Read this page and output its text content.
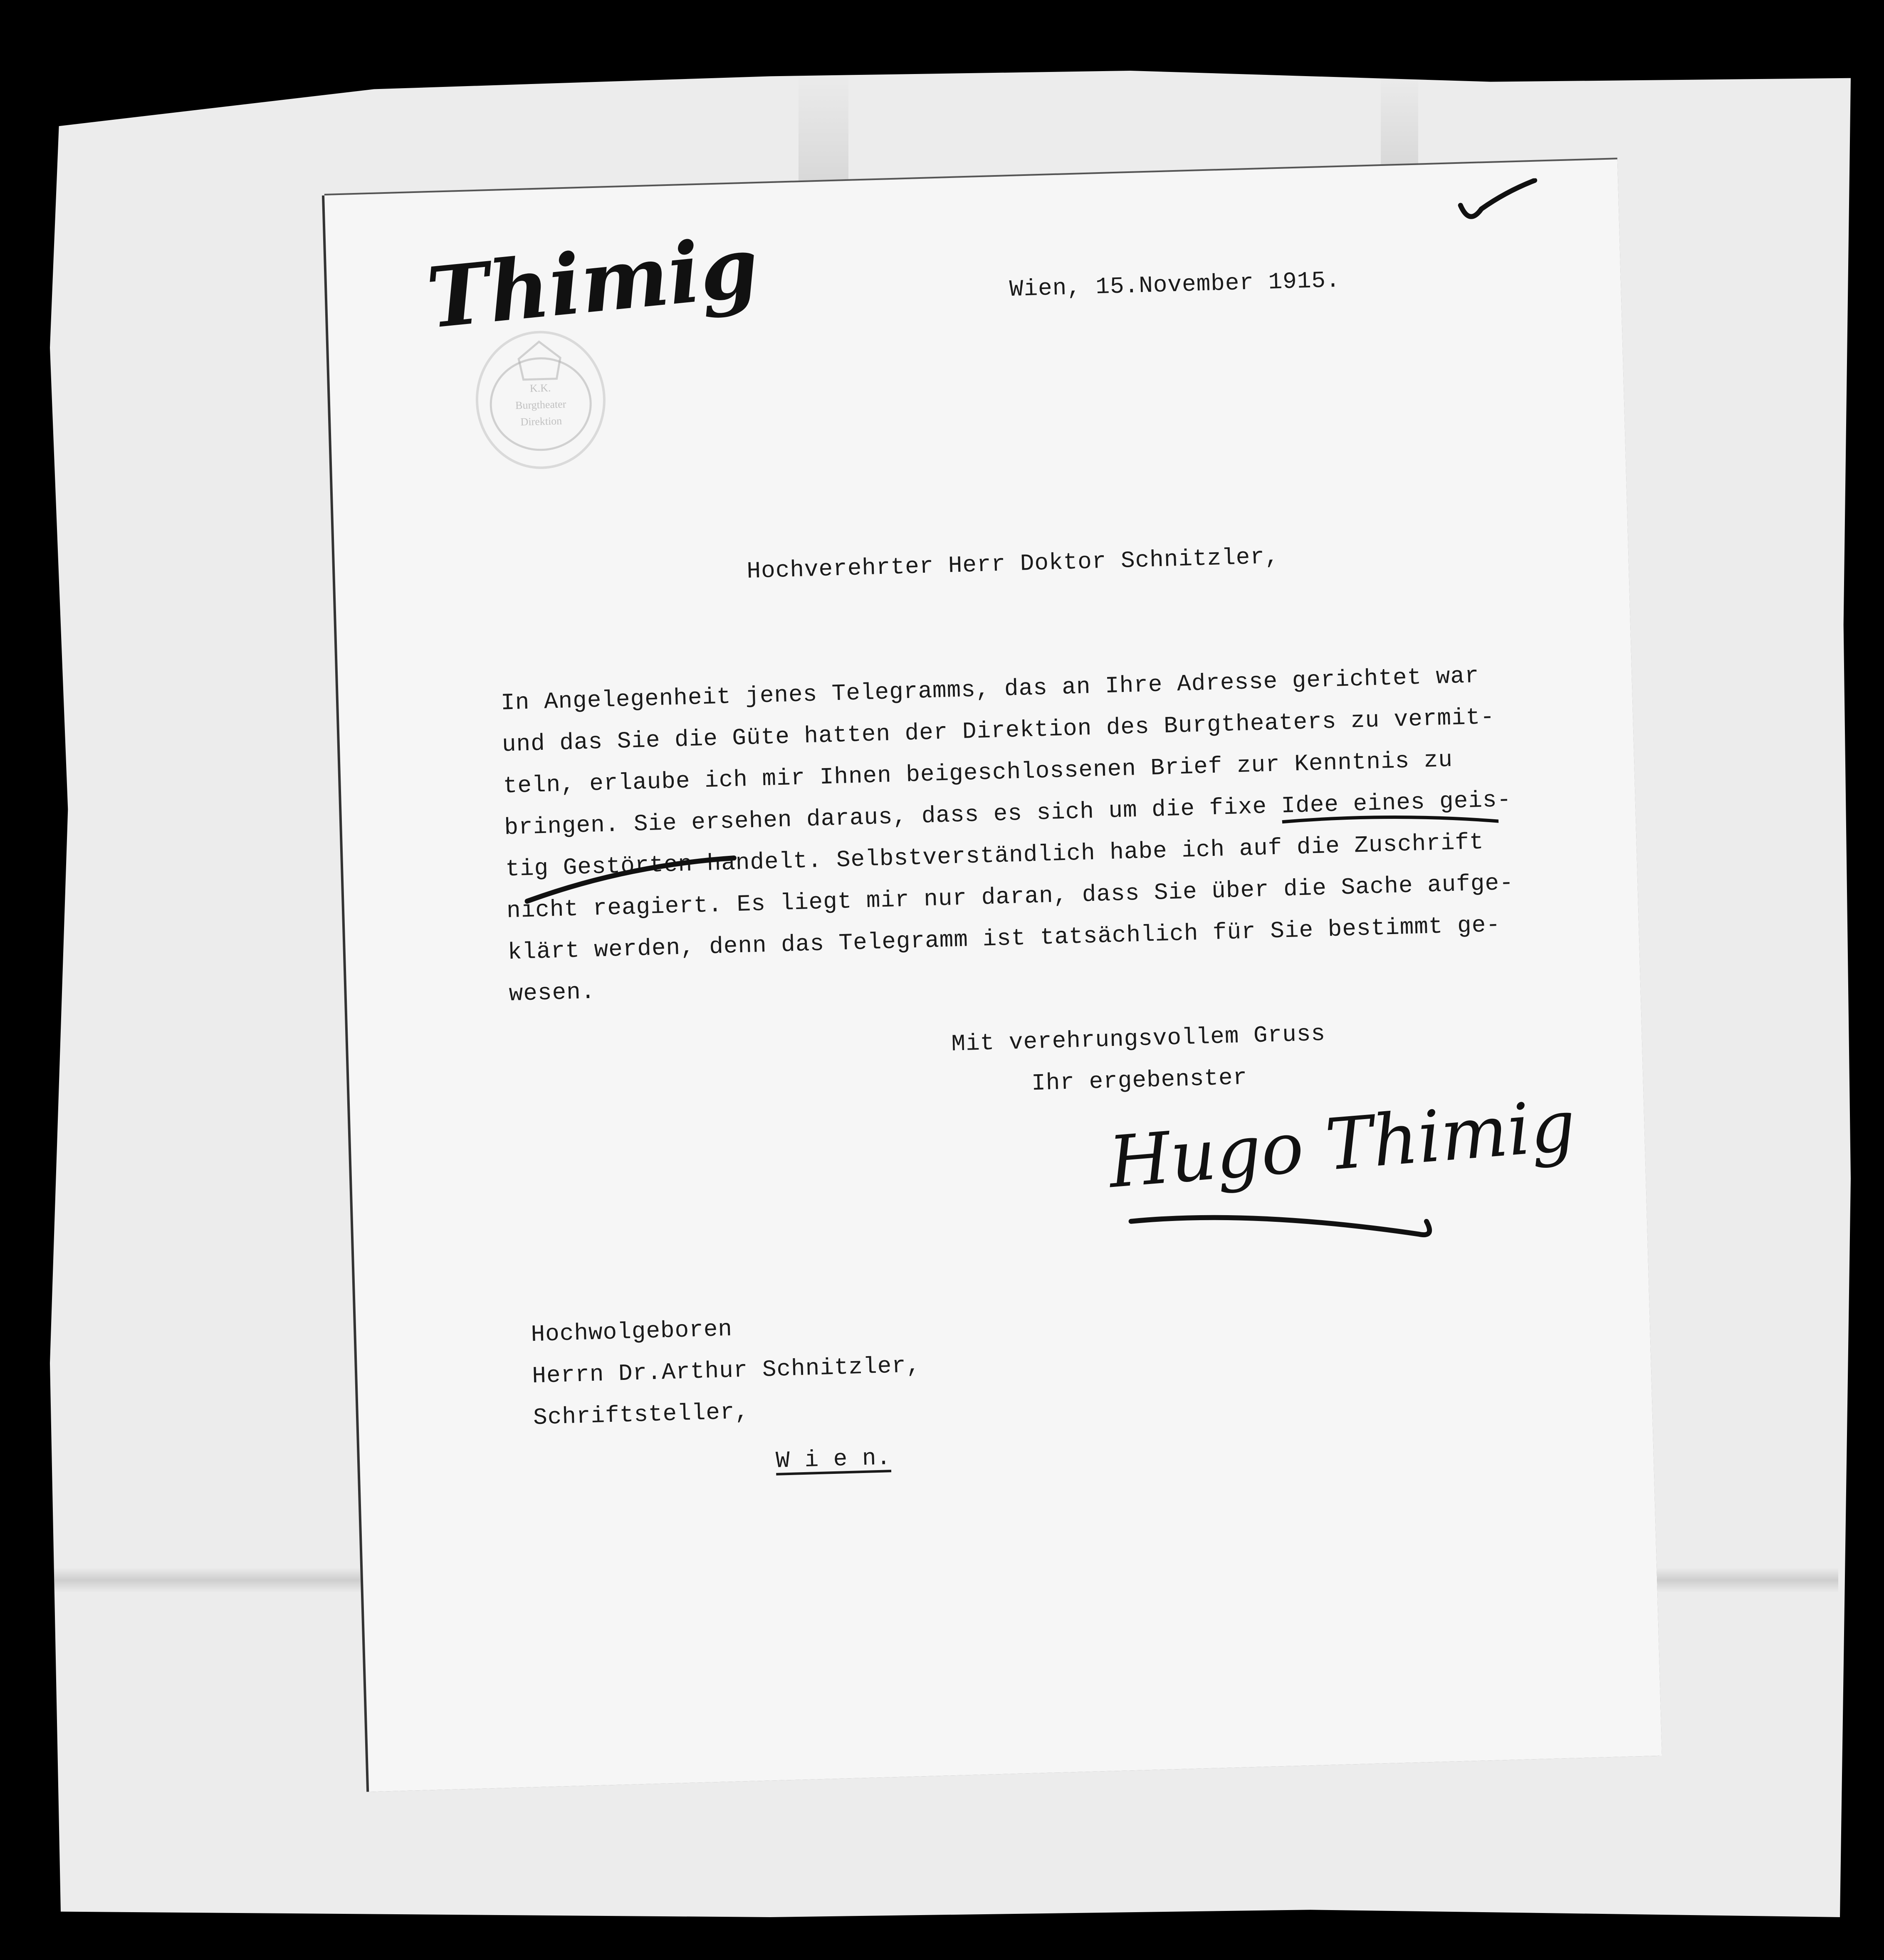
Thimig
K.K.
Burgtheater
Direktion
Wien, 15.November 1915.
Hochverehrter Herr Doktor Schnitzler,
In Angelegenheit jenes Telegramms, das an Ihre Adresse gerichtet war
und das Sie die Güte hatten der Direktion des Burgtheaters zu vermit-
teln, erlaube ich mir Ihnen beigeschlossenen Brief zur Kenntnis zu
bringen. Sie ersehen daraus, dass es sich um die fixe Idee eines geis-
tig Gestörten handelt. Selbstverständlich habe ich auf die Zuschrift
nicht reagiert. Es liegt mir nur daran, dass Sie über die Sache aufge-
klärt werden, denn das Telegramm ist tatsächlich für Sie bestimmt ge-
wesen.
Mit verehrungsvollem Gruss
Ihr ergebenster
Hugo Thimig
Hochwolgeboren
Herrn Dr.Arthur Schnitzler,
Schriftsteller,
W i e n.
